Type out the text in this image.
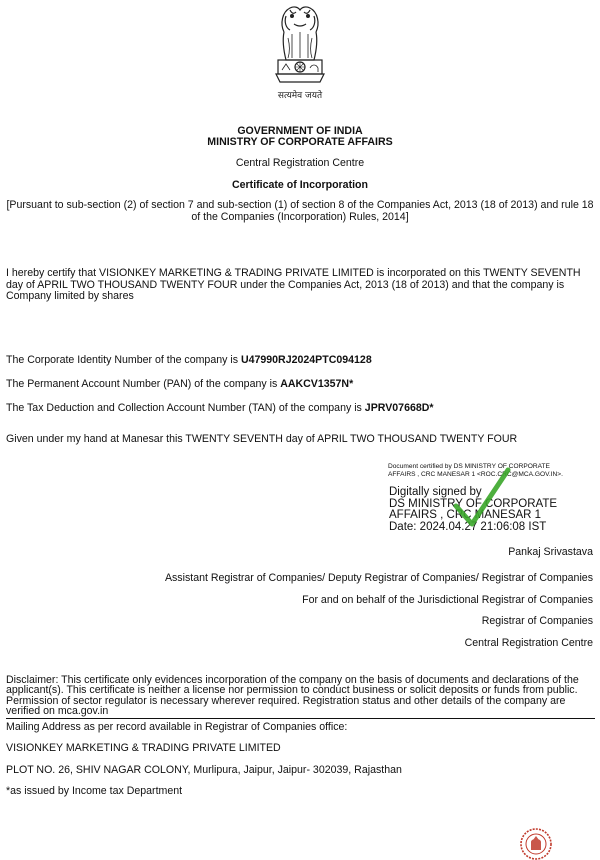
सत्यमेव जयते
GOVERNMENT OF INDIA
MINISTRY OF CORPORATE AFFAIRS
Central Registration Centre
Certificate of Incorporation
[Pursuant to sub-section (2) of section 7 and sub-section (1) of section 8 of the Companies Act, 2013 (18 of 2013) and rule 18 of the Companies (Incorporation) Rules, 2014]
I hereby certify that VISIONKEY MARKETING & TRADING PRIVATE LIMITED is incorporated on this TWENTY SEVENTH day of APRIL TWO THOUSAND TWENTY FOUR under the Companies Act, 2013 (18 of 2013) and that the company is Company limited by shares
The Corporate Identity Number of the company is U47990RJ2024PTC094128
The Permanent Account Number (PAN) of the company is AAKCV1357N*
The Tax Deduction and Collection Account Number (TAN) of the company is JPRV07668D*
Given under my hand at Manesar this TWENTY SEVENTH day of APRIL TWO THOUSAND TWENTY FOUR
Document certified by DS MINISTRY OF CORPORATE
AFFAIRS , CRC MANESAR 1 <ROC.CRC@MCA.GOV.IN>.
Digitally signed by
DS MINISTRY OF CORPORATE
AFFAIRS , CRC MANESAR 1
Date: 2024.04.27 21:06:08 IST
Pankaj Srivastava
Assistant Registrar of Companies/ Deputy Registrar of Companies/ Registrar of Companies
For and on behalf of the Jurisdictional Registrar of Companies
Registrar of Companies
Central Registration Centre
Disclaimer: This certificate only evidences incorporation of the company on the basis of documents and declarations of the applicant(s). This certificate is neither a license nor permission to conduct business or solicit deposits or funds from public. Permission of sector regulator is necessary wherever required. Registration status and other details of the company are verified on mca.gov.in
Mailing Address as per record available in Registrar of Companies office:
VISIONKEY MARKETING & TRADING PRIVATE LIMITED
PLOT NO. 26, SHIV NAGAR COLONY, Murlipura, Jaipur, Jaipur- 302039, Rajasthan
*as issued by Income tax Department
